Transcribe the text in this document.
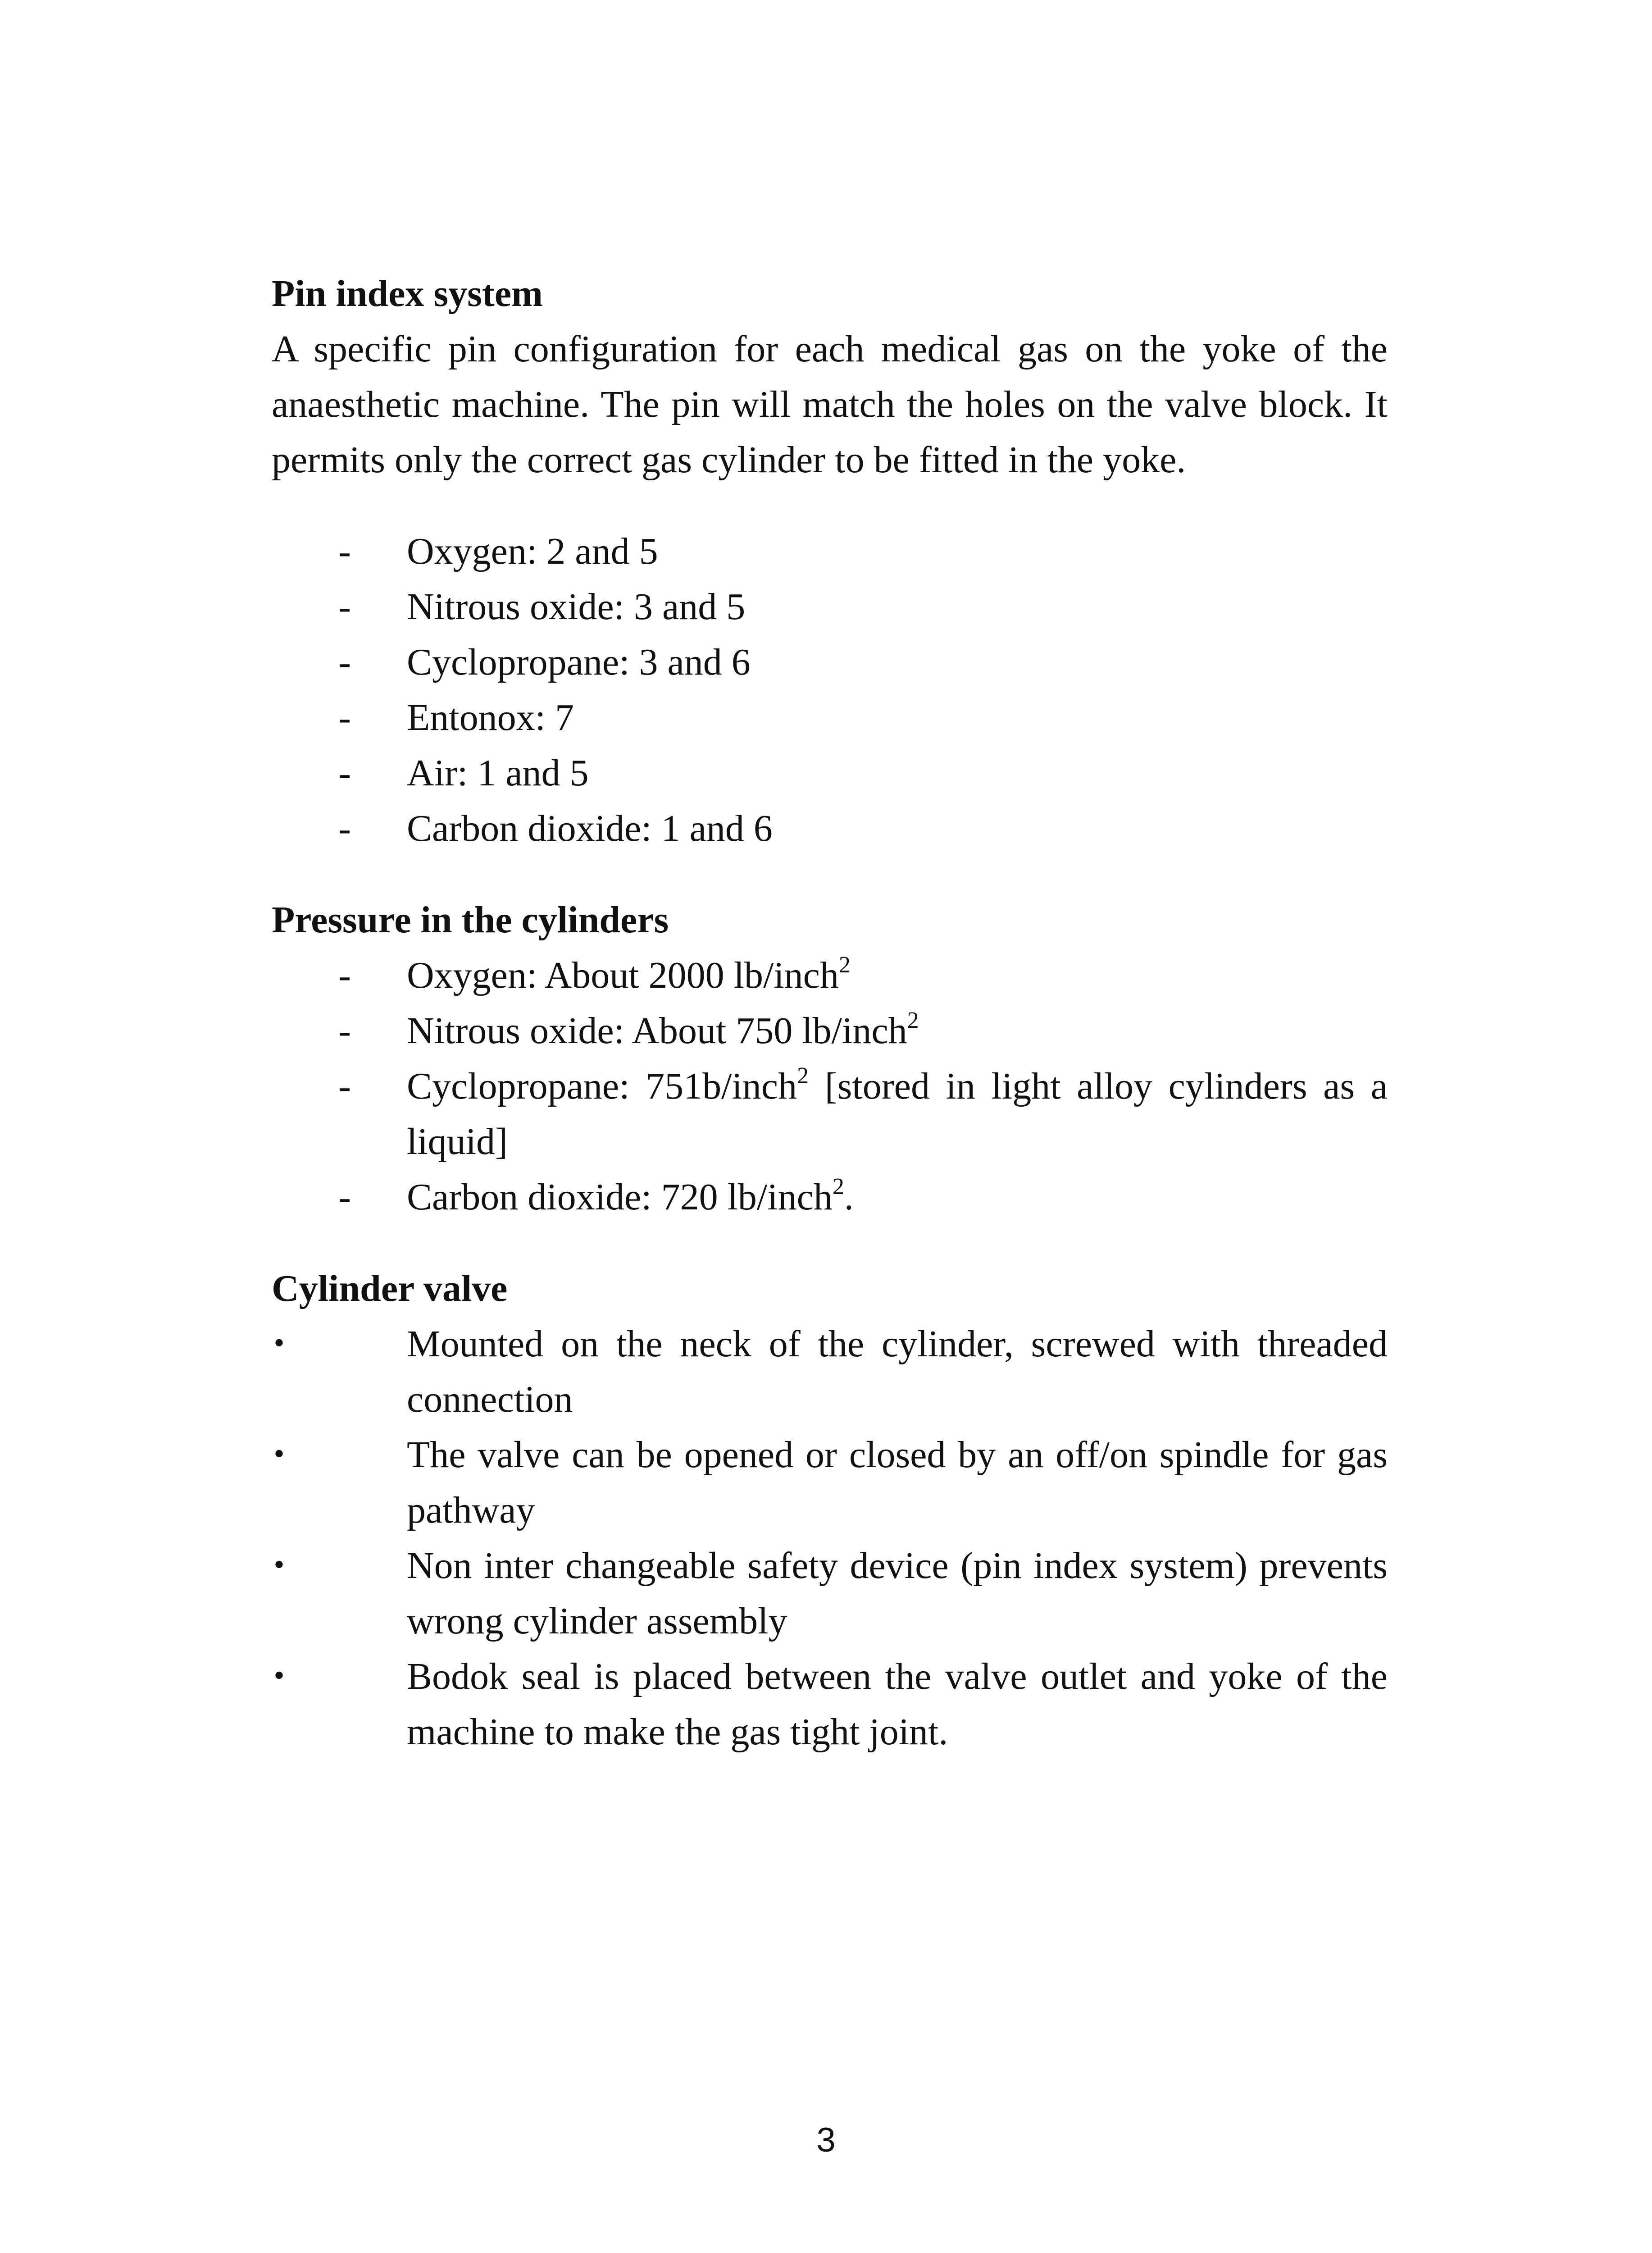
Pin index system

A specific pin configuration for each medical gas on the yoke of the anaesthetic machine. The pin will match the holes on the valve block. It permits only the correct gas cylinder to be fitted in the yoke.

-	Oxygen: 2 and 5
-	Nitrous oxide: 3 and 5
-	Cyclopropane: 3 and 6
-	Entonox: 7
-	Air: 1 and 5
-	Carbon dioxide: 1 and 6
Pressure in the cylinders
-	Oxygen: About 2000 lb/inch$^2$
-	Nitrous oxide: About 750 lb/inch$^2$
-	Cyclopropane: 751b/inch$^2$ [stored in light alloy cylinders as a liquid]
-	Carbon dioxide: 720 lb/inch$^2$.
Cylinder valve
•	Mounted on the neck of the cylinder, screwed with threaded connection
•	The valve can be opened or closed by an off/on spindle for gas pathway
•	Non inter changeable safety device (pin index system) prevents wrong cylinder assembly
•	Bodok seal is placed between the valve outlet and yoke of the machine to make the gas tight joint.
3
